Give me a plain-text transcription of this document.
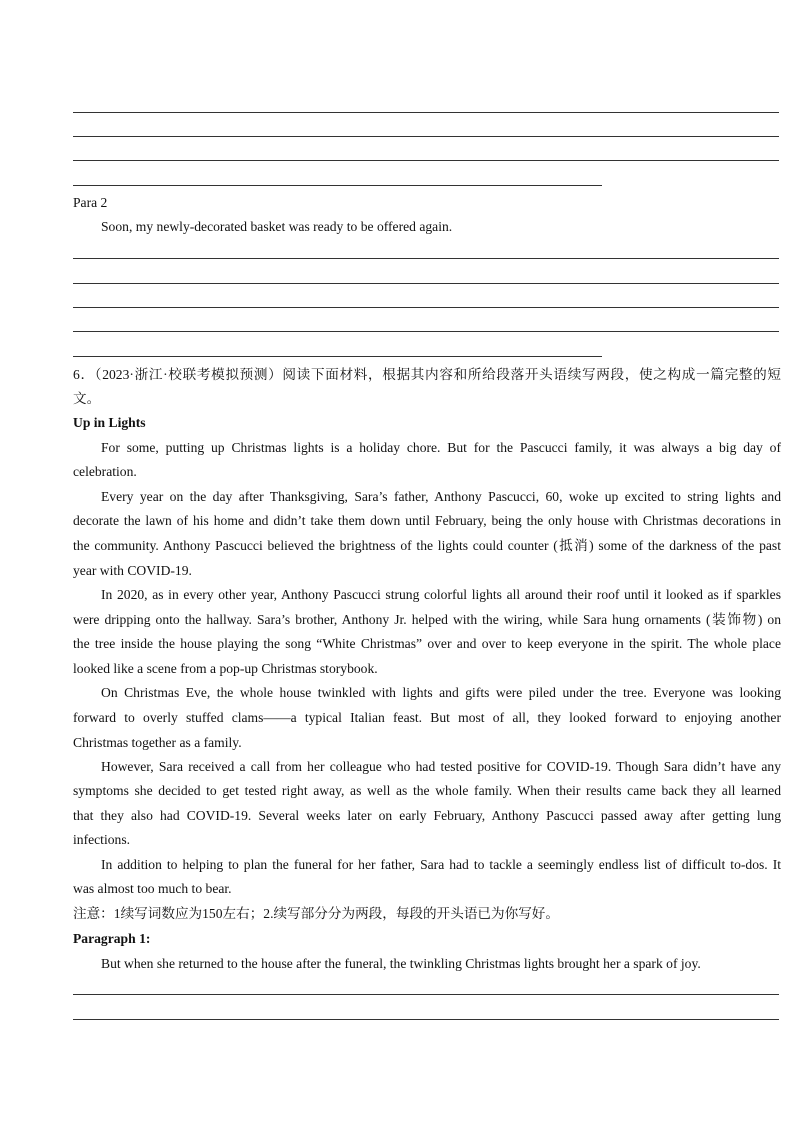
Para 2
Soon, my newly-decorated basket was ready to be offered again.
6．（2023·浙江·校联考模拟预测）阅读下面材料，根据其内容和所给段落开头语续写两段，使之构成一篇完整的短
文。
Up in Lights
For some, putting up Christmas lights is a holiday chore. But for the Pascucci family, it was always a big day of
celebration.
Every year on the day after Thanksgiving, Sara’s father, Anthony Pascucci, 60, woke up excited to string lights and
decorate the lawn of his home and didn’t take them down until February, being the only house with Christmas decorations in
the community. Anthony Pascucci believed the brightness of the lights could counter (抵消) some of the darkness of the past
year with COVID-19.
In 2020, as in every other year, Anthony Pascucci strung colorful lights all around their roof until it looked as if sparkles
were dripping onto the hallway. Sara’s brother, Anthony Jr. helped with the wiring, while Sara hung ornaments (装饰物) on
the tree inside the house playing the song “White Christmas” over and over to keep everyone in the spirit. The whole place
looked like a scene from a pop-up Christmas storybook.
On Christmas Eve, the whole house twinkled with lights and gifts were piled under the tree. Everyone was looking
forward to overly stuffed clams——a typical Italian feast. But most of all, they looked forward to enjoying another
Christmas together as a family.
However, Sara received a call from her colleague who had tested positive for COVID-19. Though Sara didn’t have any
symptoms she decided to get tested right away, as well as the whole family. When their results came back they all learned
that they also had COVID-19. Several weeks later on early February, Anthony Pascucci passed away after getting lung
infections.
In addition to helping to plan the funeral for her father, Sara had to tackle a seemingly endless list of difficult to-dos. It
was almost too much to bear.
注意：1续写词数应为150左右；2.续写部分分为两段，每段的开头语已为你写好。
Paragraph 1:
But when she returned to the house after the funeral, the twinkling Christmas lights brought her a spark of joy.
